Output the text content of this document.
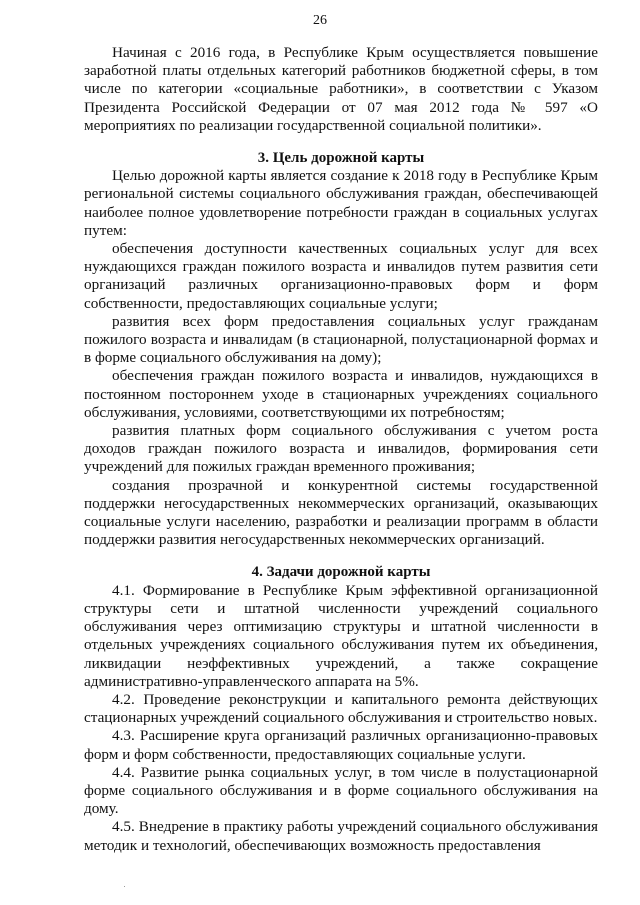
26

Начиная с 2016 года, в Республике Крым осуществляется повышение заработной платы отдельных категорий работников бюджетной сферы, в том числе по категории «социальные работники», в соответствии с Указом Президента Российской Федерации от 07 мая 2012 года № 597 «О мероприятиях по реализации государственной социальной политики».

3. Цель дорожной карты

Целью дорожной карты является создание к 2018 году в Республике Крым региональной системы социального обслуживания граждан, обеспечивающей наиболее полное удовлетворение потребности граждан в социальных услугах путем:

обеспечения доступности качественных социальных услуг для всех нуждающихся граждан пожилого возраста и инвалидов путем развития сети организаций различных организационно-правовых форм и форм собственности, предоставляющих социальные услуги;

развития всех форм предоставления социальных услуг гражданам пожилого возраста и инвалидам (в стационарной, полустационарной формах и в форме социального обслуживания на дому);

обеспечения граждан пожилого возраста и инвалидов, нуждающихся в постоянном постороннем уходе в стационарных учреждениях социального обслуживания, условиями, соответствующими их потребностям;

развития платных форм социального обслуживания с учетом роста доходов граждан пожилого возраста и инвалидов, формирования сети учреждений для пожилых граждан временного проживания;

создания прозрачной и конкурентной системы государственной поддержки негосударственных некоммерческих организаций, оказывающих социальные услуги населению, разработки и реализации программ в области поддержки развития негосударственных некоммерческих организаций.

4. Задачи дорожной карты

4.1. Формирование в Республике Крым эффективной организационной структуры сети и штатной численности учреждений социального обслуживания через оптимизацию структуры и штатной численности в отдельных учреждениях социального обслуживания путем их объединения, ликвидации неэффективных учреждений, а также сокращение административно-управленческого аппарата на 5%.

4.2. Проведение реконструкции и капитального ремонта действующих стационарных учреждений социального обслуживания и строительство новых.

4.3. Расширение круга организаций различных организационно-правовых форм и форм собственности, предоставляющих социальные услуги.

4.4. Развитие рынка социальных услуг, в том числе в полустационарной форме социального обслуживания и в форме социального обслуживания на дому.

4.5. Внедрение в практику работы учреждений социального обслуживания методик и технологий, обеспечивающих возможность предоставления
